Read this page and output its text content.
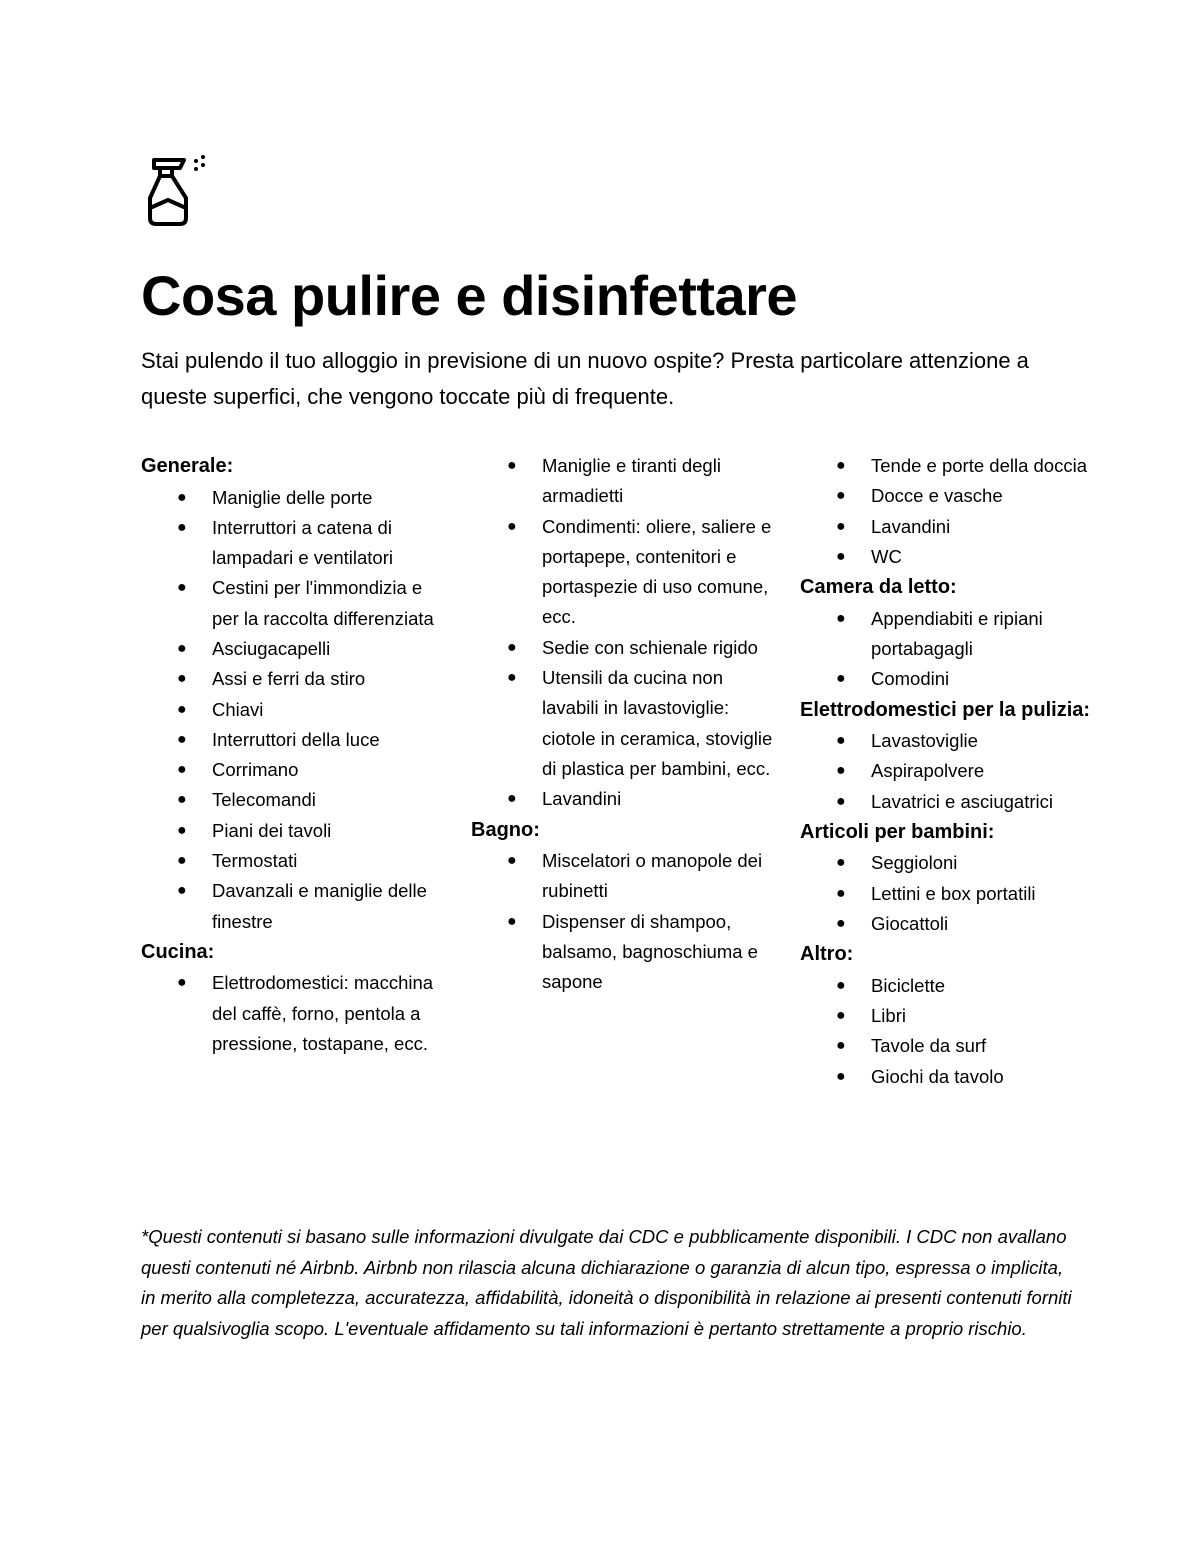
Cosa pulire e disinfettare

Stai pulendo il tuo alloggio in previsione di un nuovo ospite? Presta particolare attenzione a queste superfici, che vengono toccate più di frequente.

Generale:
● Maniglie delle porte
● Interruttori a catena di lampadari e ventilatori
● Cestini per l'immondizia e per la raccolta differenziata
● Asciugacapelli
● Assi e ferri da stiro
● Chiavi
● Interruttori della luce
● Corrimano
● Telecomandi
● Piani dei tavoli
● Termostati
● Davanzali e maniglie delle finestre
Cucina:
● Elettrodomestici: macchina del caffè, forno, pentola a pressione, tostapane, ecc.
● Maniglie e tiranti degli armadietti
● Condimenti: oliere, saliere e portapepe, contenitori e portaspezie di uso comune, ecc.
● Sedie con schienale rigido
● Utensili da cucina non lavabili in lavastoviglie: ciotole in ceramica, stoviglie di plastica per bambini, ecc.
● Lavandini
Bagno:
● Miscelatori o manopole dei rubinetti
● Dispenser di shampoo, balsamo, bagnoschiuma e sapone
● Tende e porte della doccia
● Docce e vasche
● Lavandini
● WC
Camera da letto:
● Appendiabiti e ripiani portabagagli
● Comodini
Elettrodomestici per la pulizia:
● Lavastoviglie
● Aspirapolvere
● Lavatrici e asciugatrici
Articoli per bambini:
● Seggioloni
● Lettini e box portatili
● Giocattoli
Altro:
● Biciclette
● Libri
● Tavole da surf
● Giochi da tavolo

*Questi contenuti si basano sulle informazioni divulgate dai CDC e pubblicamente disponibili. I CDC non avallano questi contenuti né Airbnb. Airbnb non rilascia alcuna dichiarazione o garanzia di alcun tipo, espressa o implicita, in merito alla completezza, accuratezza, affidabilità, idoneità o disponibilità in relazione ai presenti contenuti forniti per qualsivoglia scopo. L'eventuale affidamento su tali informazioni è pertanto strettamente a proprio rischio.
